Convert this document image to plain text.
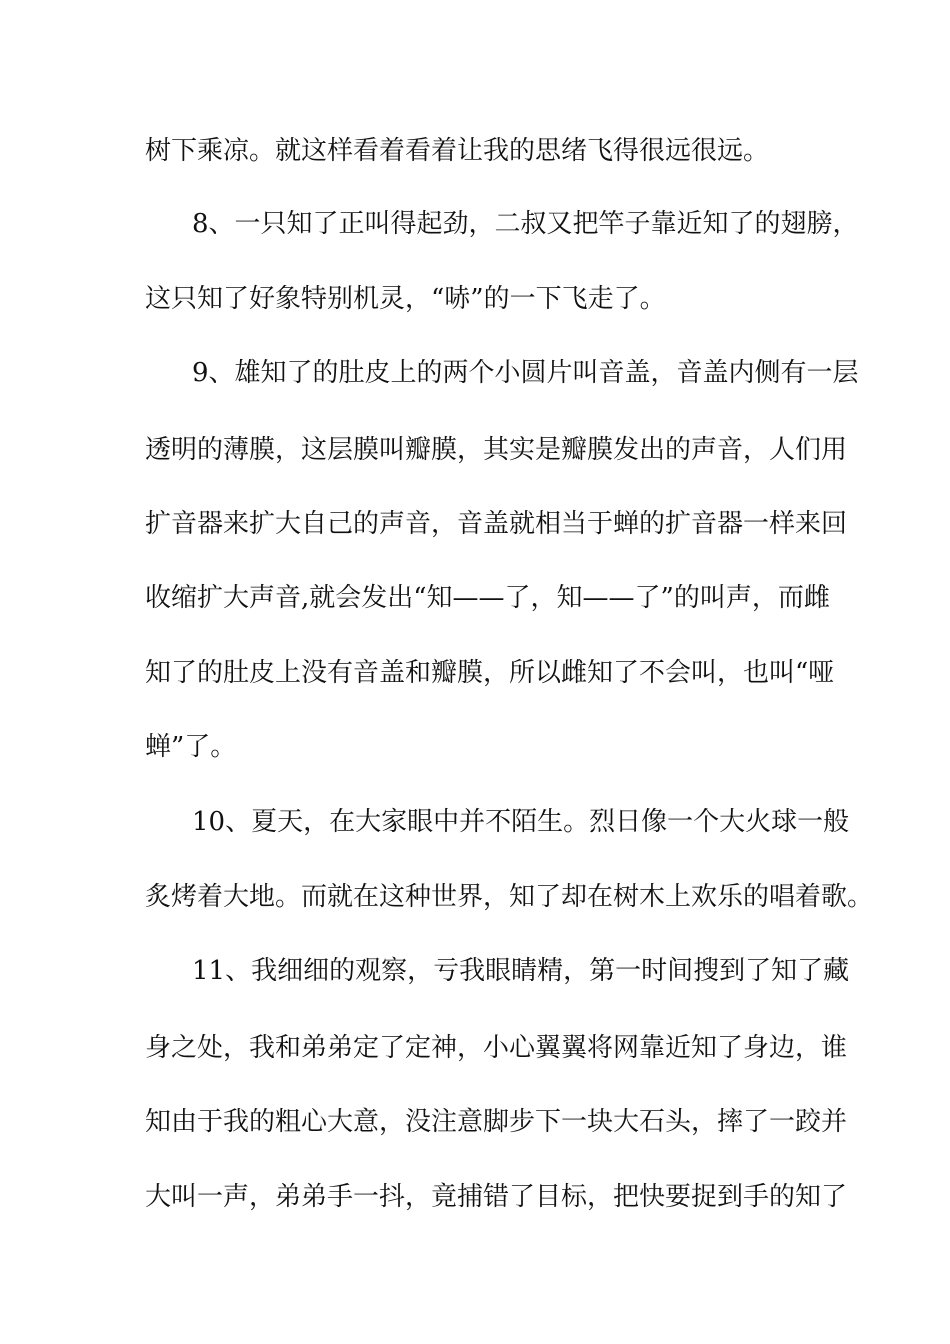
树下乘凉。就这样看着看着让我的思绪飞得很远很远。
8、一只知了正叫得起劲，二叔又把竿子靠近知了的翅膀，
这只知了好象特别机灵，“哧”的一下飞走了。
9、雄知了的肚皮上的两个小圆片叫音盖，音盖内侧有一层
透明的薄膜，这层膜叫瓣膜，其实是瓣膜发出的声音，人们用
扩音器来扩大自己的声音，音盖就相当于蝉的扩音器一样来回
收缩扩大声音,就会发出“知——了，知——了”的叫声，而雌
知了的肚皮上没有音盖和瓣膜，所以雌知了不会叫，也叫“哑
蝉”了。
10、夏天，在大家眼中并不陌生。烈日像一个大火球一般
炙烤着大地。而就在这种世界，知了却在树木上欢乐的唱着歌。
11、我细细的观察，亏我眼睛精，第一时间搜到了知了藏
身之处，我和弟弟定了定神，小心翼翼将网靠近知了身边，谁
知由于我的粗心大意，没注意脚步下一块大石头，摔了一跤并
大叫一声，弟弟手一抖，竟捕错了目标，把快要捉到手的知了
